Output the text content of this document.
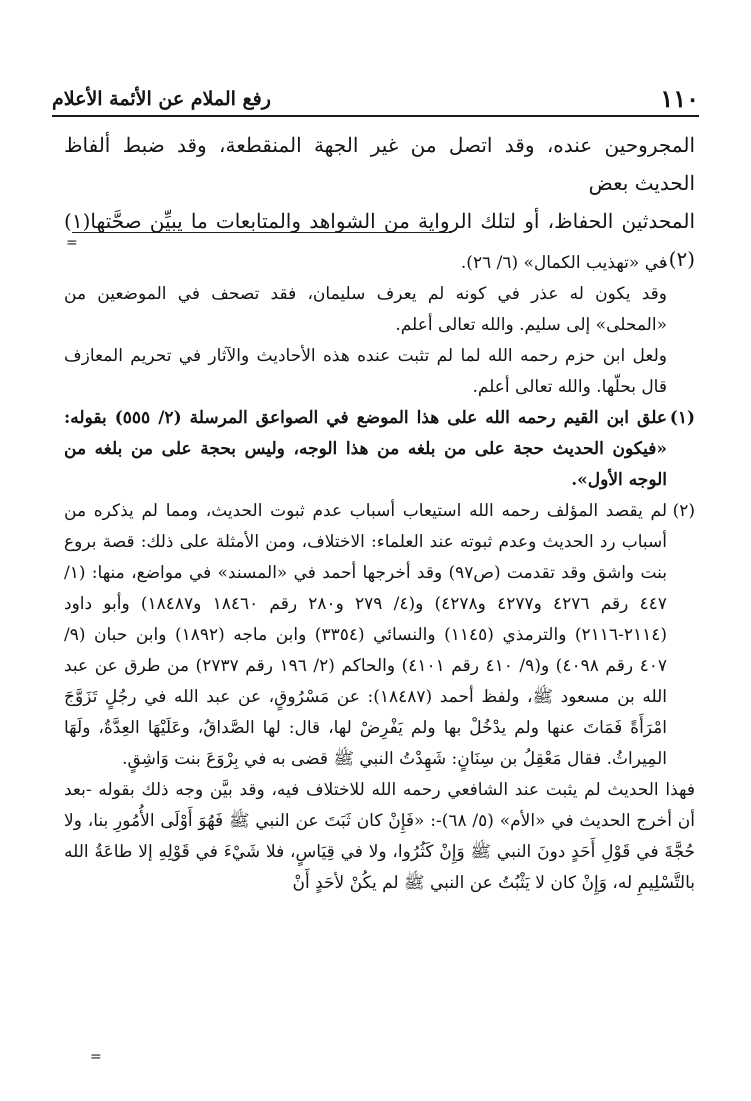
١١٠
رفع الملام عن الأئمة الأعلام

المجروحين عنده، وقد اتصل من غير الجهة المنقطعة، وقد ضبط ألفاظ الحديث بعض

المحدثين الحفاظ، أو لتلك الرواية من الشواهد والمتابعات ما يبيِّن صحَّتها(١)(٢).

=

في «تهذيب الكمال» (٦/ ٢٦).

وقد يكون له عذر في كونه لم يعرف سليمان، فقد تصحف في الموضعين من «المحلى» إلى سليم. والله تعالى أعلم.

ولعل ابن حزم رحمه الله لما لم تثبت عنده هذه الأحاديث والآثار في تحريم المعازف قال بحلّها. والله تعالى أعلم.

(١)
علق ابن القيم رحمه الله على هذا الموضع في الصواعق المرسلة (٢/ ٥٥٥) بقوله: «فيكون الحديث حجة على من بلغه من هذا الوجه، وليس بحجة على من بلغه من الوجه الأول».
(٢)
لم يقصد المؤلف رحمه الله استيعاب أسباب عدم ثبوت الحديث، ومما لم يذكره من أسباب رد الحديث وعدم ثبوته عند العلماء: الاختلاف، ومن الأمثلة على ذلك: قصة بروع بنت واشق وقد تقدمت (ص٩٧) وقد أخرجها أحمد في «المسند» في مواضع، منها: (١/ ٤٤٧ رقم ٤٢٧٦ و٤٢٧٧ و٤٢٧٨) و(٤/ ٢٧٩ و٢٨٠ رقم ١٨٤٦٠ و١٨٤٨٧) وأبو داود (٢١١٤-٢١١٦) والترمذي (١١٤٥) والنسائي (٣٣٥٤) وابن ماجه (١٨٩٢) وابن حبان (٩/ ٤٠٧ رقم ٤٠٩٨) و(٩/ ٤١٠ رقم ٤١٠١) والحاكم (٢/ ١٩٦ رقم ٢٧٣٧) من طرق عن عبد الله بن مسعود ﷺ، ولفظ أحمد (١٨٤٨٧): عن مَسْرُوقٍ، عن عبد الله في رجُلٍ تَزَوَّجَ امْرَأَةً فَمَاتَ عنها ولم يدْخُلْ بها ولم يَفْرِضْ لها، قال: لها الصَّداقُ، وعَلَيْهَا العِدَّةُ، ولَهَا المِيراثُ. فقال مَعْقِلُ بن سِنَانٍ: شَهِدْتُ النبي ﷺ قضى به في بِرْوَعَ بنت وَاشِقٍ.

فهذا الحديث لم يثبت عند الشافعي رحمه الله للاختلاف فيه، وقد بيَّن وجه ذلك بقوله -بعد أن أخرج الحديث في «الأم» (٥/ ٦٨)-: «فَإِنْ كان ثَبَتَ عن النبي ﷺ فَهُوَ أَوْلَى الأُمُورِ بنا، ولا حُجَّةَ في قَوْلِ أَحَدٍ دونَ النبي ﷺ وَإِنْ كَثُرُوا، ولا في قِيَاسٍ، فلا شَيْءَ في قَوْلِهِ إلا طاعَةُ الله بالتَّسْلِيمِ له، وَإِنْ كان لا يَثْبُتُ عن النبي ﷺ لم يكُنْ لأحَدٍ أَنْ

=
